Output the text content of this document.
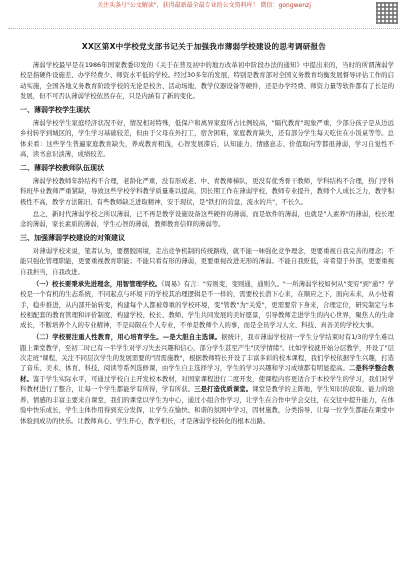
关注头条号"公文解读"，获得最新最全最专业的公文资料库！ 微信：gongwenzj
XX区第X中学校党支部书记关于加强我市薄弱学校建设的思考调研报告

薄弱学校最早是在1986年国家教委印发的《关于在普及初中的地方改革初中阶段办法的通知》中提出来的，当时的所谓薄弱学校是指硬件设施差、办学经费少、师资水平低的学校。经过30多年的发展，特别是教育部对全国义务教育均衡发展督导评估工作的启动实施，全国各地义务教育阶段学校的无论是校舍、活动场地，教学仪器设备等硬件，还是办学经费、师资力量等软件都有了长足的发展，但不可否认薄弱学校依然存在，只是内涵有了新的变化。

一、薄弱学校学生现状

薄弱学校学生家庭经济状况不好，情况相对特殊，低保户和离异家庭所占比例较高，"隔代教育"现象严重，少部分孩子是从边远乡村转学到城区的，学生学习基础较差，但由于父母在外打工，宿舍困难，家庭教育缺失，还有部分学生每天吃住在小饭桌等等。总体来看：这些学生普遍家庭教育缺失，养成教育粗浅，心智发展滞后，认知能力、情感意志、价值取向等都很薄弱，学习自觉性不高，读书意识淡薄，成绩较差。

二、薄弱学校教师队伍现状

薄弱学校教师年龄结构不合理，老龄化严重，没有形成老、中、青教师梯队，更没有优秀骨干教师，学科结构不合理，热门学科科班毕业教师严重紧缺，导致这些学校学科教学质量难以提高，因长期工作在薄弱学校，教师专业提升，教师个人成长乏力，教学积极性不高，教学方法陈旧，有些教师缺乏进取精神，安于现状，是"铁打的营盘，流水的兵"，不长久。

总之，新时代薄弱学校之所以薄弱，已不再是教学设施设备这些硬件的薄弱，而是软件的薄弱，也就是"人素养"的薄弱，校长理念的薄弱，家长素质的薄弱，学生心智的薄弱，教师教育信仰的薄弱等。

三、加强薄弱学校建设的对策建议

对薄弱学校来说，笔者认为，要摆脱困境，走出竞争机制的传统路线，就不能一味强化竞争理念，更要重视自我完善的理念；不能只强化管理职能，更要重视教育职能；不能只看有形的薄弱，更要重视改进无形的薄弱。不能自我贬低，寄希望于外部，更要重视自我担当，自我改进。

（一）校长要秉承先进理念，用智管理学校。《周易》有言："穷则变，变则通，通则久。"一所薄弱学校如何从"变穷"到"通"？学校是一个有机的生态系统，不同起点与环境下的学校其治理逻辑是不一样的，需要校长潜下心来，在顺应之下，面向未来，从小处着手，稳步推进，从内部开始转变，构建每个人都被尊重的学校环境，变"管教"为"关爱"，更需要常下身来，合理定位，研究制定与本校相配套的教育管理和评价制度，构建学校、校长、教师、学生共同发展的美好愿景，引导教师走进学生的内心世界，聚焦人的生命成长，不断培养个人的专业精神，不是局限在个人专业，不单是教师个人的事，而是全员学习人文、科技、真善美的学校大事。

（二）学校要注重人性教育，用心培育学生。—是大胆自主选课。据统计，我市薄弱学校初一学生分学结束时有1/3的学生难以跟上课堂教学，至初二时已有一半学生对学习失去兴趣和信心，部分学生甚至产生"厌学情绪"。比如学校就开始分层教学，开设了"层次走班"课程，关注不同层次学生的发展需要的"因需施教"，根据教师特长开设了丰富多彩的校本课程，我们学校依据学生兴趣，打造了音乐、美术、体育、科技、阅读等系列选修课，由学生自主选择学习，学生的学习兴趣和学习成绩都有明显提高。二是科学整合教材。鉴于学生实际水平，可通过学校自主开发校本教材，对国家课程进行二度开发，使课程内容更适合于本校学生的学习，我们对学科教材进行了整合，让每一个学生都能学有所得，学有所获。三是打造优质课堂。课堂是教学的主阵地，学生知识的获取、能力的培养、情感的丰富主要来自课堂，我们的课堂以学生为中心，通过小组合作学习，让学生在合作中学会交往，在交往中提升能力，在体验中快乐成长，学生主体作用得到充分发挥，让学生在愉快、和谐的氛围中学习，因材施教，分类指导，让每一位学生都能在课堂中体验到成功的快乐。让教师真心、学生开心，教学相长，才是薄弱学校转化的根本出路。
